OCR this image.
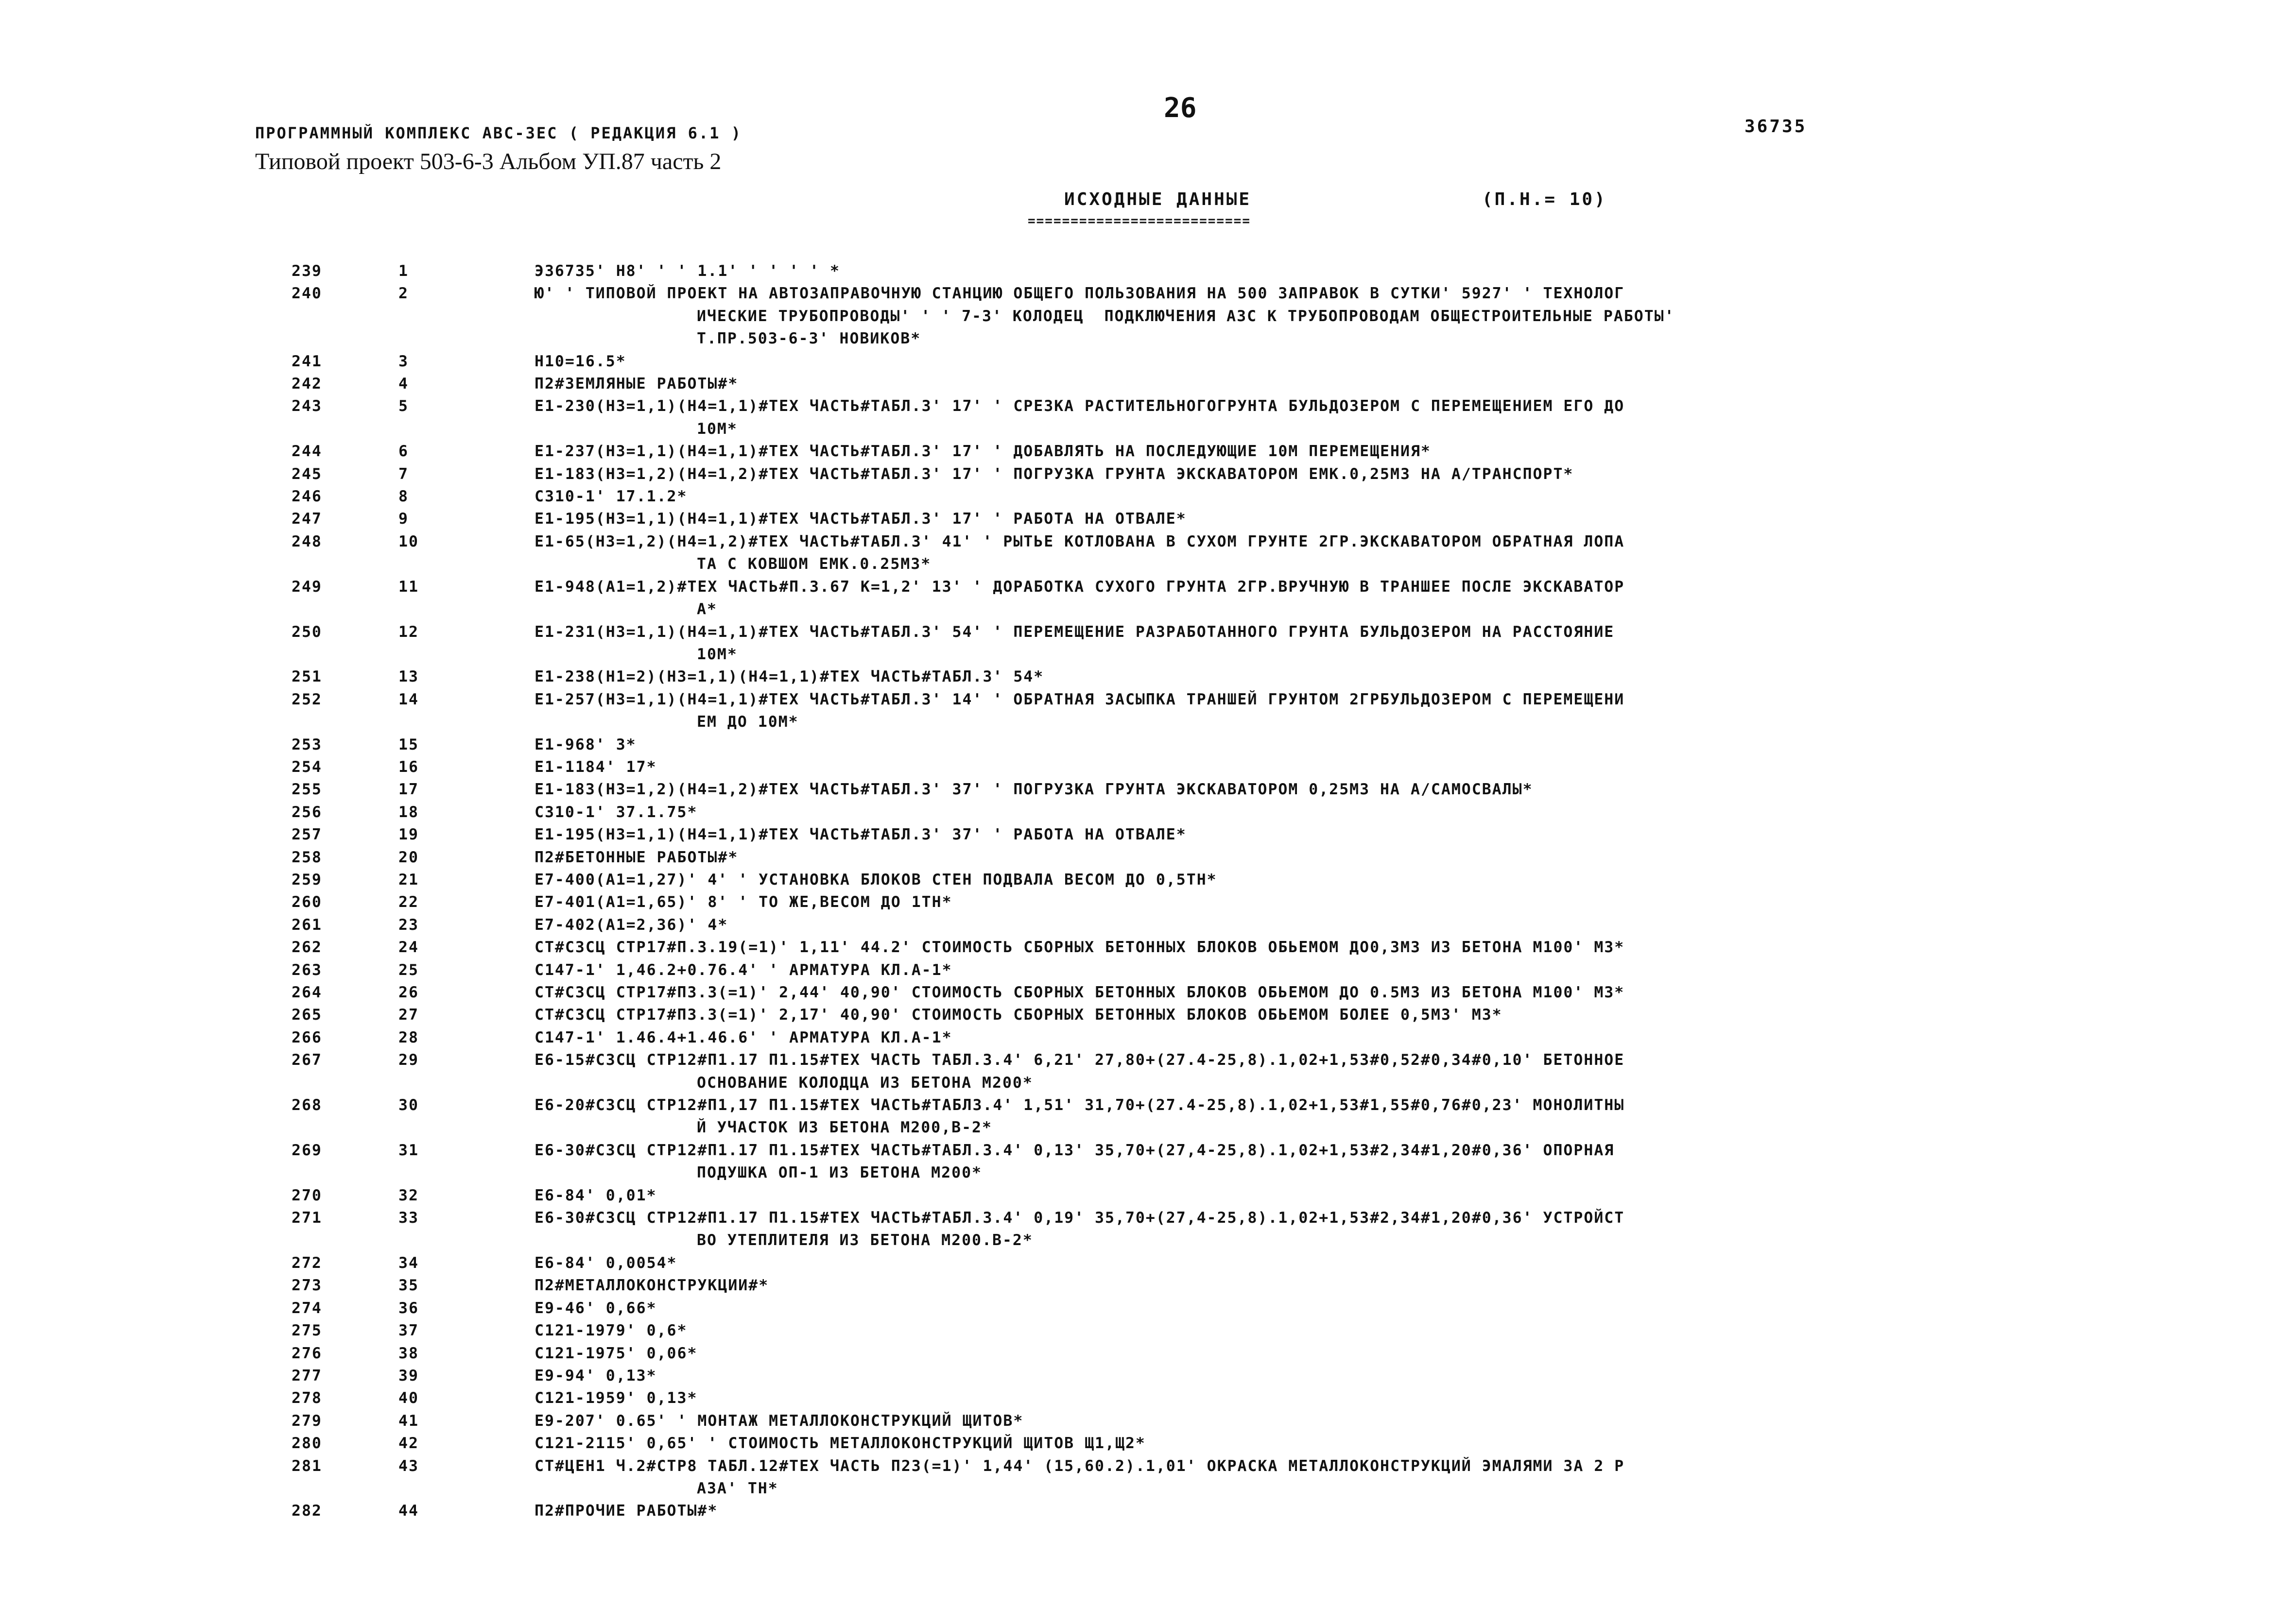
26
36735
ПРОГРАММНЫЙ КОМПЛЕКС АВС-ЗЕС ( РЕДАКЦИЯ 6.1 )
Типовой проект 503-6-3 Альбом УП.87 часть 2
ИСХОДНЫЕ ДАННЫЕ	(П.Н.= 10)
==========================
239	1	Э36735' Н8' ' ' 1.1' ' ' ' ' *
240	2	Ю' ' ТИПОВОЙ ПРОЕКТ НА АВТОЗАПРАВОЧНУЮ СТАНЦИЮ ОБЩЕГО ПОЛЬЗОВАНИЯ НА 500 ЗАПРАВОК В СУТКИ' 5927' ' ТЕХНОЛОГ
ИЧЕСКИЕ ТРУБОПРОВОДЫ' ' ' 7-3' КОЛОДЕЦ  ПОДКЛЮЧЕНИЯ АЗС К ТРУБОПРОВОДАМ ОБЩЕСТРОИТЕЛЬНЫЕ РАБОТЫ'
Т.ПР.503-6-3' НОВИКОВ*
241	3	Н10=16.5*
242	4	П2#ЗЕМЛЯНЫЕ РАБОТЫ#*
243	5	Е1-230(Н3=1,1)(Н4=1,1)#ТЕХ ЧАСТЬ#ТАБЛ.3' 17' ' СРЕЗКА РАСТИТЕЛЬНОГОГРУНТА БУЛЬДОЗЕРОМ С ПЕРЕМЕЩЕНИЕМ ЕГО ДО
10М*
244	6	Е1-237(Н3=1,1)(Н4=1,1)#ТЕХ ЧАСТЬ#ТАБЛ.3' 17' ' ДОБАВЛЯТЬ НА ПОСЛЕДУЮЩИЕ 10М ПЕРЕМЕЩЕНИЯ*
245	7	Е1-183(Н3=1,2)(Н4=1,2)#ТЕХ ЧАСТЬ#ТАБЛ.3' 17' ' ПОГРУЗКА ГРУНТА ЭКСКАВАТОРОМ ЕМК.0,25М3 НА А/ТРАНСПОРТ*
246	8	С310-1' 17.1.2*
247	9	Е1-195(Н3=1,1)(Н4=1,1)#ТЕХ ЧАСТЬ#ТАБЛ.3' 17' ' РАБОТА НА ОТВАЛЕ*
248	10	Е1-65(Н3=1,2)(Н4=1,2)#ТЕХ ЧАСТЬ#ТАБЛ.3' 41' ' РЫТЬЕ КОТЛОВАНА В СУХОМ ГРУНТЕ 2ГР.ЭКСКАВАТОРОМ ОБРАТНАЯ ЛОПА
ТА С КОВШОМ ЕМК.0.25М3*
249	11	Е1-948(А1=1,2)#ТЕХ ЧАСТЬ#П.3.67 К=1,2' 13' ' ДОРАБОТКА СУХОГО ГРУНТА 2ГР.ВРУЧНУЮ В ТРАНШЕЕ ПОСЛЕ ЭКСКАВАТОР
А*
250	12	Е1-231(Н3=1,1)(Н4=1,1)#ТЕХ ЧАСТЬ#ТАБЛ.3' 54' ' ПЕРЕМЕЩЕНИЕ РАЗРАБОТАННОГО ГРУНТА БУЛЬДОЗЕРОМ НА РАССТОЯНИЕ
10М*
251	13	Е1-238(Н1=2)(Н3=1,1)(Н4=1,1)#ТЕХ ЧАСТЬ#ТАБЛ.3' 54*
252	14	Е1-257(Н3=1,1)(Н4=1,1)#ТЕХ ЧАСТЬ#ТАБЛ.3' 14' ' ОБРАТНАЯ ЗАСЫПКА ТРАНШЕЙ ГРУНТОМ 2ГРБУЛЬДОЗЕРОМ С ПЕРЕМЕЩЕНИ
ЕМ ДО 10М*
253	15	Е1-968' 3*
254	16	Е1-1184' 17*
255	17	Е1-183(Н3=1,2)(Н4=1,2)#ТЕХ ЧАСТЬ#ТАБЛ.3' 37' ' ПОГРУЗКА ГРУНТА ЭКСКАВАТОРОМ 0,25М3 НА А/САМОСВАЛЫ*
256	18	С310-1' 37.1.75*
257	19	Е1-195(Н3=1,1)(Н4=1,1)#ТЕХ ЧАСТЬ#ТАБЛ.3' 37' ' РАБОТА НА ОТВАЛЕ*
258	20	П2#БЕТОННЫЕ РАБОТЫ#*
259	21	Е7-400(А1=1,27)' 4' ' УСТАНОВКА БЛОКОВ СТЕН ПОДВАЛА ВЕСОМ ДО 0,5ТН*
260	22	Е7-401(А1=1,65)' 8' ' ТО ЖЕ,ВЕСОМ ДО 1ТН*
261	23	Е7-402(А1=2,36)' 4*
262	24	СТ#СЗСЦ СТР17#П.3.19(=1)' 1,11' 44.2' СТОИМОСТЬ СБОРНЫХ БЕТОННЫХ БЛОКОВ ОБЬЕМОМ ДО0,3М3 ИЗ БЕТОНА М100' М3*
263	25	С147-1' 1,46.2+0.76.4' ' АРМАТУРА КЛ.А-1*
264	26	СТ#СЗСЦ СТР17#П3.3(=1)' 2,44' 40,90' СТОИМОСТЬ СБОРНЫХ БЕТОННЫХ БЛОКОВ ОБЬЕМОМ ДО 0.5М3 ИЗ БЕТОНА М100' М3*
265	27	СТ#СЗСЦ СТР17#П3.3(=1)' 2,17' 40,90' СТОИМОСТЬ СБОРНЫХ БЕТОННЫХ БЛОКОВ ОБЬЕМОМ БОЛЕЕ 0,5М3' М3*
266	28	С147-1' 1.46.4+1.46.6' ' АРМАТУРА КЛ.А-1*
267	29	Е6-15#СЗСЦ СТР12#П1.17 П1.15#ТЕХ ЧАСТЬ ТАБЛ.3.4' 6,21' 27,80+(27.4-25,8).1,02+1,53#0,52#0,34#0,10' БЕТОННОЕ
ОСНОВАНИЕ КОЛОДЦА ИЗ БЕТОНА М200*
268	30	Е6-20#СЗСЦ СТР12#П1,17 П1.15#ТЕХ ЧАСТЬ#ТАБЛ3.4' 1,51' 31,70+(27.4-25,8).1,02+1,53#1,55#0,76#0,23' МОНОЛИТНЫ
Й УЧАСТОК ИЗ БЕТОНА М200,В-2*
269	31	Е6-30#СЗСЦ СТР12#П1.17 П1.15#ТЕХ ЧАСТЬ#ТАБЛ.3.4' 0,13' 35,70+(27,4-25,8).1,02+1,53#2,34#1,20#0,36' ОПОРНАЯ
ПОДУШКА ОП-1 ИЗ БЕТОНА М200*
270	32	Е6-84' 0,01*
271	33	Е6-30#СЗСЦ СТР12#П1.17 П1.15#ТЕХ ЧАСТЬ#ТАБЛ.3.4' 0,19' 35,70+(27,4-25,8).1,02+1,53#2,34#1,20#0,36' УСТРОЙСТ
ВО УТЕПЛИТЕЛЯ ИЗ БЕТОНА М200.В-2*
272	34	Е6-84' 0,0054*
273	35	П2#МЕТАЛЛОКОНСТРУКЦИИ#*
274	36	Е9-46' 0,66*
275	37	С121-1979' 0,6*
276	38	С121-1975' 0,06*
277	39	Е9-94' 0,13*
278	40	С121-1959' 0,13*
279	41	Е9-207' 0.65' ' МОНТАЖ МЕТАЛЛОКОНСТРУКЦИЙ ЩИТОВ*
280	42	С121-2115' 0,65' ' СТОИМОСТЬ МЕТАЛЛОКОНСТРУКЦИЙ ЩИТОВ Щ1,Щ2*
281	43	СТ#ЦЕН1 Ч.2#СТР8 ТАБЛ.12#ТЕХ ЧАСТЬ П23(=1)' 1,44' (15,60.2).1,01' ОКРАСКА МЕТАЛЛОКОНСТРУКЦИЙ ЭМАЛЯМИ ЗА 2 Р
АЗА' ТН*
282	44	П2#ПРОЧИЕ РАБОТЫ#*
